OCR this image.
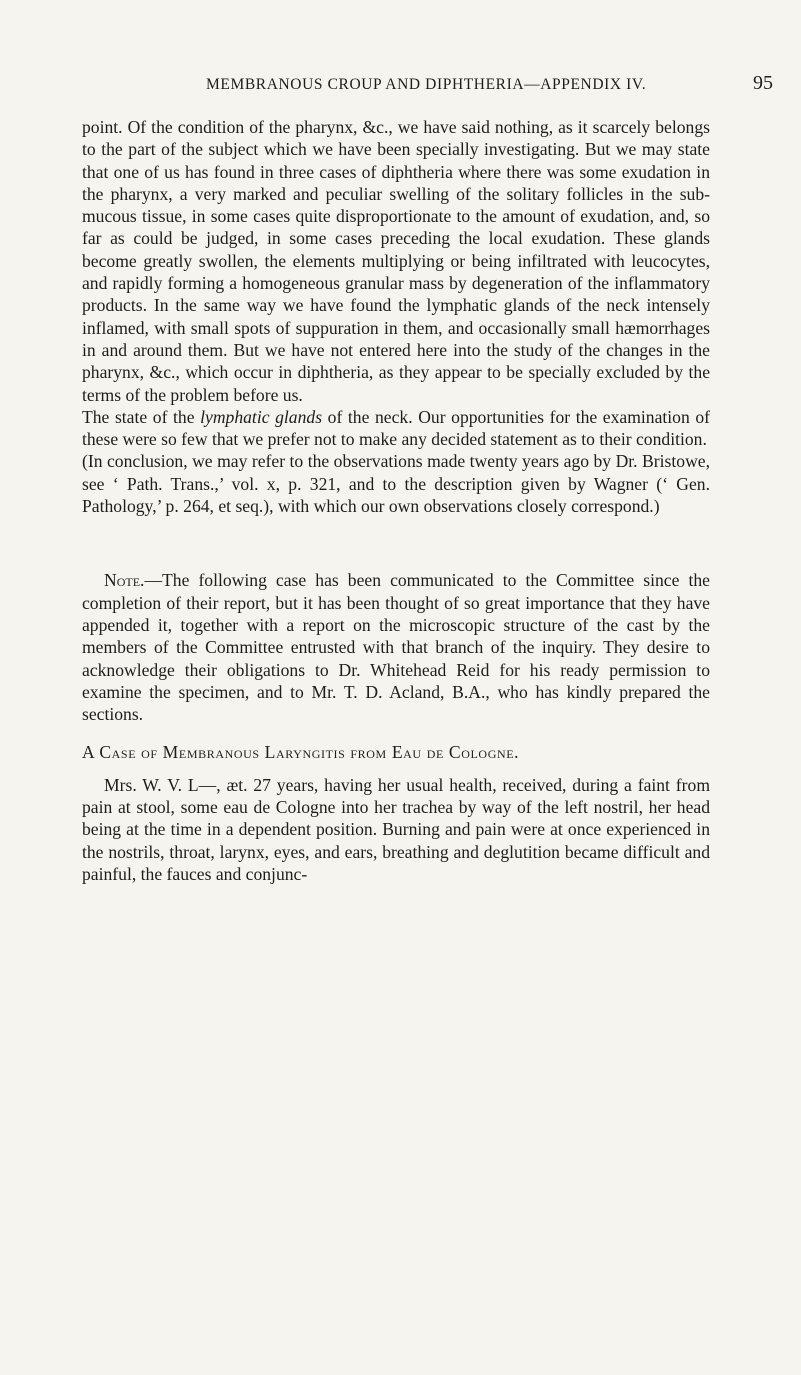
MEMBRANOUS CROUP AND DIPHTHERIA—APPENDIX IV.	95

point. Of the condition of the pharynx, &c., we have said nothing, as it scarcely belongs to the part of the subject which we have been specially investigating. But we may state that one of us has found in three cases of diphtheria where there was some exudation in the pharynx, a very marked and peculiar swelling of the solitary follicles in the sub-mucous tissue, in some cases quite disproportionate to the amount of exudation, and, so far as could be judged, in some cases preceding the local exudation. These glands become greatly swollen, the elements multiplying or being infiltrated with leucocytes, and rapidly forming a homogeneous granular mass by degeneration of the inflammatory products. In the same way we have found the lymphatic glands of the neck intensely inflamed, with small spots of suppuration in them, and occasionally small hæmorrhages in and around them. But we have not entered here into the study of the changes in the pharynx, &c., which occur in diphtheria, as they appear to be specially excluded by the terms of the problem before us.

The state of the lymphatic glands of the neck. Our opportunities for the examination of these were so few that we prefer not to make any decided statement as to their condition.

(In conclusion, we may refer to the observations made twenty years ago by Dr. Bristowe, see ‘ Path. Trans.,’ vol. x, p. 321, and to the description given by Wagner (‘ Gen. Pathology,’ p. 264, et seq.), with which our own observations closely correspond.)

Note.—The following case has been communicated to the Committee since the completion of their report, but it has been thought of so great importance that they have appended it, together with a report on the microscopic structure of the cast by the members of the Committee entrusted with that branch of the inquiry. They desire to acknowledge their obligations to Dr. Whitehead Reid for his ready permission to examine the specimen, and to Mr. T. D. Acland, B.A., who has kindly prepared the sections.

A Case of Membranous Laryngitis from Eau de Cologne.

Mrs. W. V. L—, æt. 27 years, having her usual health, received, during a faint from pain at stool, some eau de Cologne into her trachea by way of the left nostril, her head being at the time in a dependent position. Burning and pain were at once experienced in the nostrils, throat, larynx, eyes, and ears, breathing and deglutition became difficult and painful, the fauces and conjunc-
